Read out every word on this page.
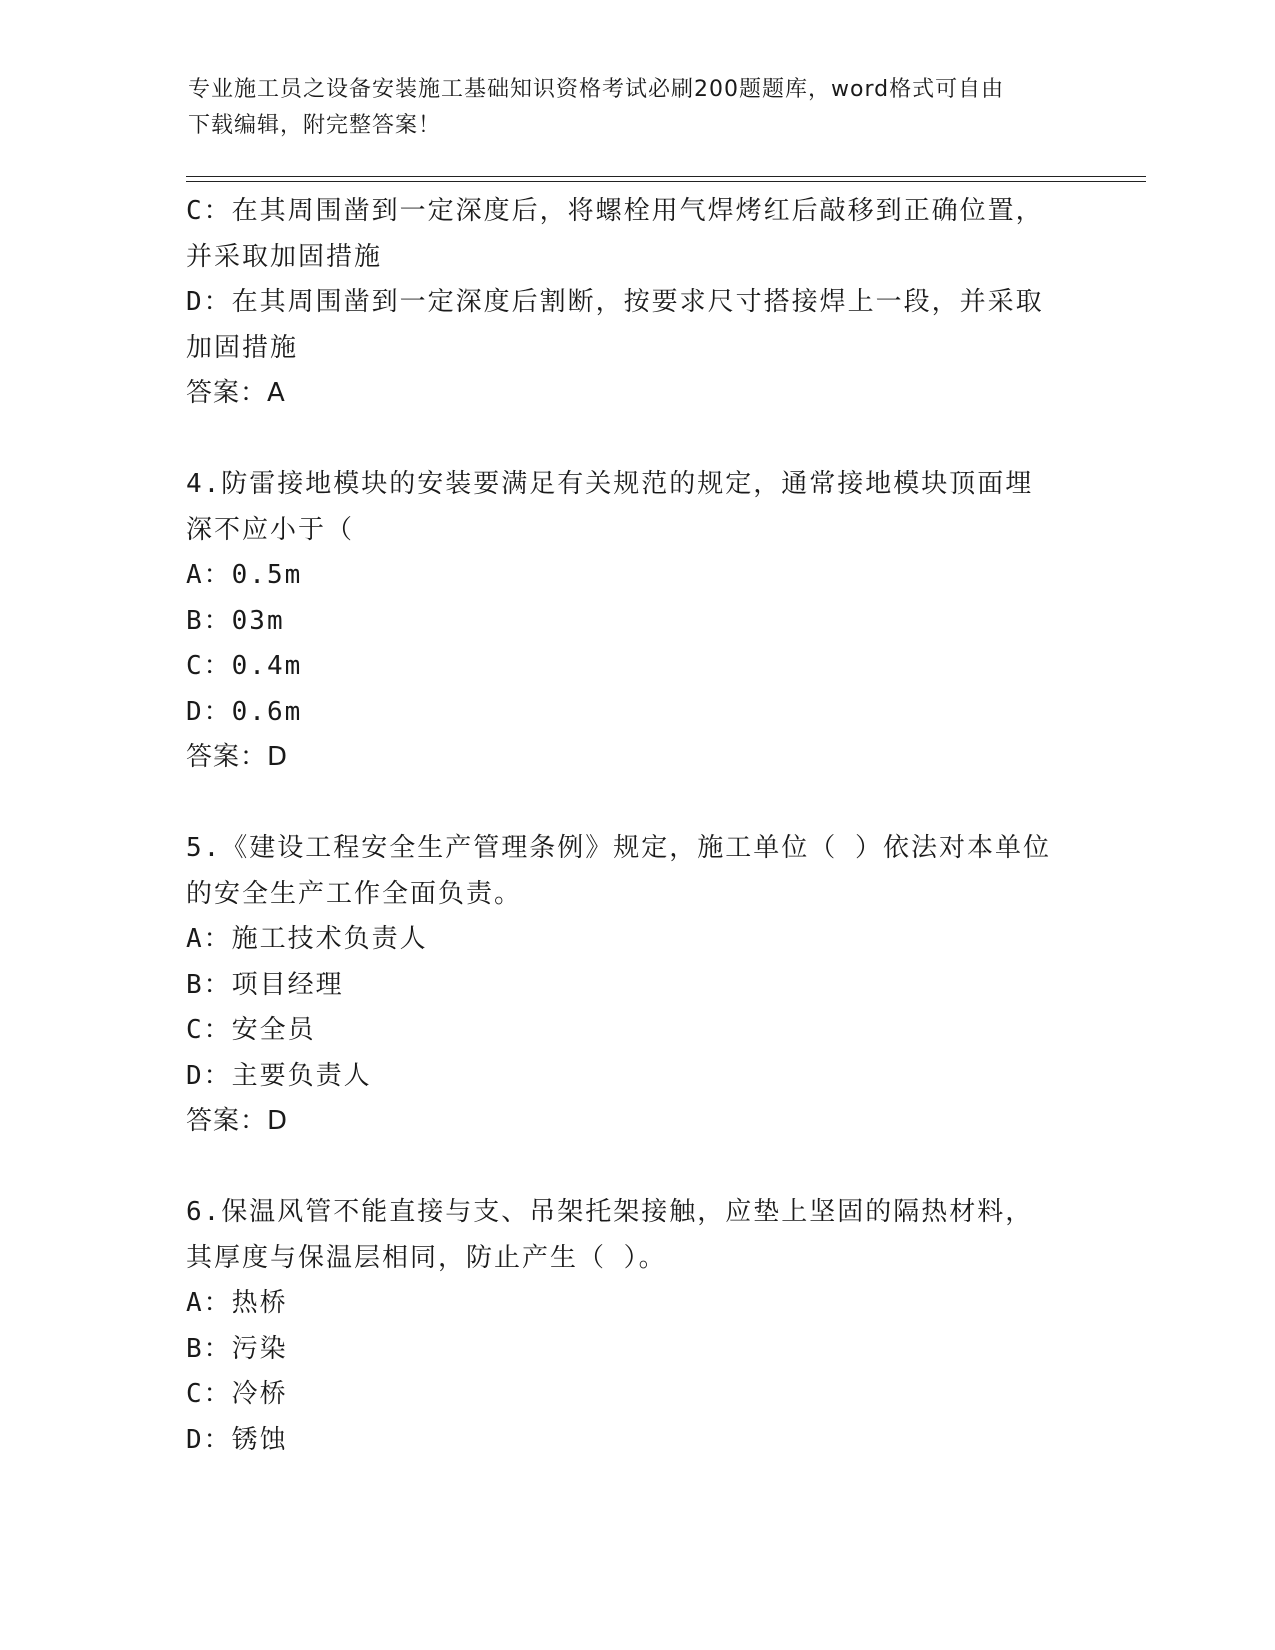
专业施工员之设备安装施工基础知识资格考试必刷200题题库，word格式可自由
下载编辑，附完整答案！

C：在其周围凿到一定深度后，将螺栓用气焊烤红后敲移到正确位置，

并采取加固措施

D：在其周围凿到一定深度后割断，按要求尺寸搭接焊上一段，并采取

加固措施

答案：A

4.防雷接地模块的安装要满足有关规范的规定，通常接地模块顶面埋

深不应小于（

A：0.5m

B：03m

C：0.4m

D：0.6m

答案：D

5.《建设工程安全生产管理条例》规定，施工单位（ ）依法对本单位

的安全生产工作全面负责。

A：施工技术负责人

B：项目经理

C：安全员

D：主要负责人

答案：D

6.保温风管不能直接与支、吊架托架接触，应垫上坚固的隔热材料，

其厚度与保温层相同，防止产生（ ）。

A：热桥

B：污染

C：冷桥

D：锈蚀
